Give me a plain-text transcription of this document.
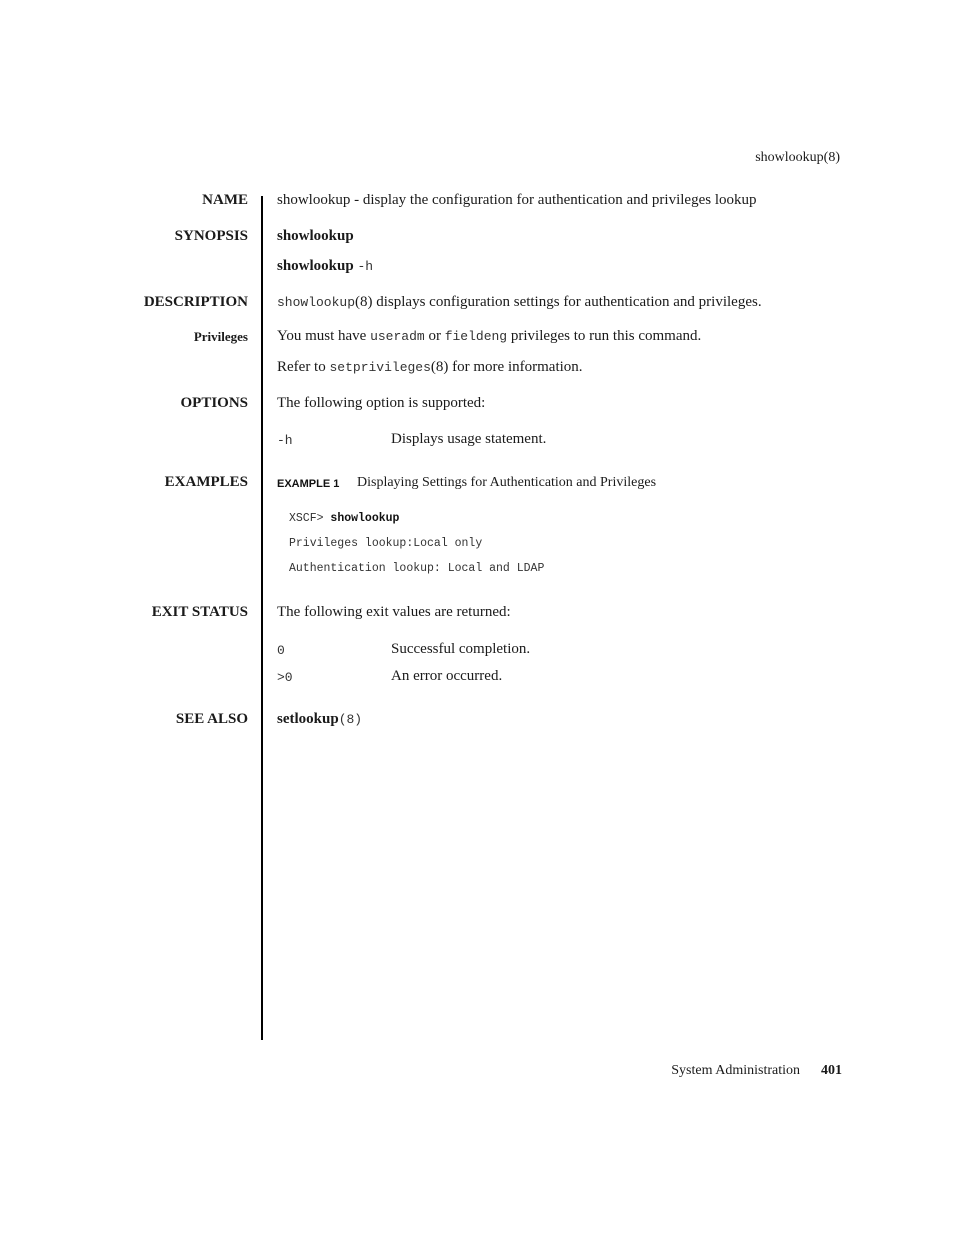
showlookup(8)
NAME showlookup - display the configuration for authentication and privileges lookup
SYNOPSIS showlookup
showlookup -h
DESCRIPTION showlookup(8) displays configuration settings for authentication and privileges.
Privileges You must have useradm or fieldeng privileges to run this command.
Refer to setprivileges(8) for more information.
OPTIONS The following option is supported:
-h	Displays usage statement.
EXAMPLES	EXAMPLE 1 Displaying Settings for Authentication and Privileges
XSCF> showlookup
Privileges lookup:Local only
Authentication lookup: Local and LDAP
EXIT STATUS The following exit values are returned:
0	Successful completion.
>0	An error occurred.
SEE ALSO setlookup(8)
System Administration 401
